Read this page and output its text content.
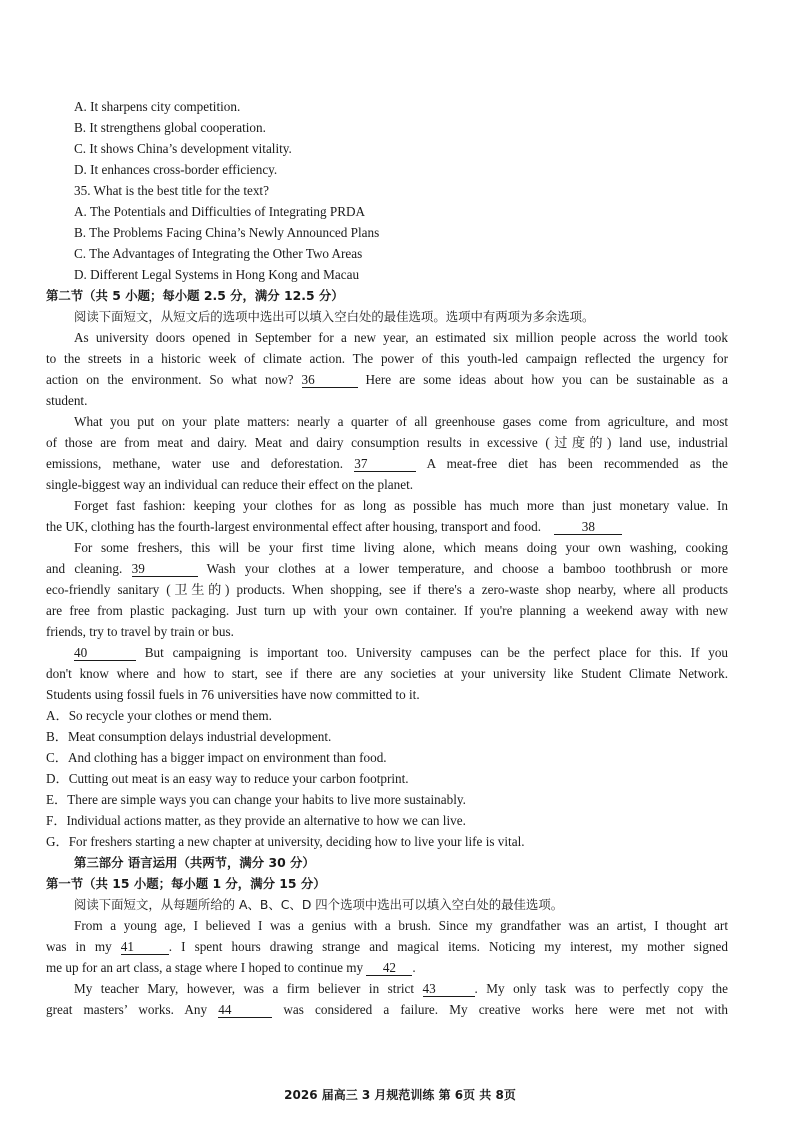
A. It sharpens city competition.
B. It strengthens global cooperation.
C. It shows China’s development vitality.
D. It enhances cross-border efficiency.
35. What is the best title for the text?
A. The Potentials and Difficulties of Integrating PRDA
B. The Problems Facing China’s Newly Announced Plans
C. The Advantages of Integrating the Other Two Areas
D. Different Legal Systems in Hong Kong and Macau
第二节（共 5 小题；每小题 2.5 分，满分 12.5 分）
阅读下面短文，从短文后的选项中选出可以填入空白处的最佳选项。选项中有两项为多余选项。
As university doors opened in September for a new year, an estimated six million people across the world took
to the streets in a historic week of climate action. The power of this youth-led campaign reflected the urgency for
action on the environment. So what now? 36	Here are some ideas about how you can be sustainable as a
student.
What you put on your plate matters: nearly a quarter of all greenhouse gases come from agriculture, and most
of those are from meat and dairy. Meat and dairy consumption results in excessive (过度的) land use, industrial
emissions, methane, water use and deforestation. 37	A meat-free diet has been recommended as the
single-biggest way an individual can reduce their effect on the planet.
Forget fast fashion: keeping your clothes for as long as possible has much more than just monetary value. In
the UK, clothing has the fourth-largest environmental effect after housing, transport and food.	38
For some freshers, this will be your first time living alone, which means doing your own washing, cooking
and cleaning. 39	Wash your clothes at a lower temperature, and choose a bamboo toothbrush or more
eco-friendly sanitary (卫生的) products. When shopping, see if there's a zero-waste shop nearby, where all products
are free from plastic packaging. Just turn up with your own container. If you're planning a weekend away with new
friends, try to travel by train or bus.
40	But campaigning is important too. University campuses can be the perfect place for this. If you
don't know where and how to start, see if there are any societies at your university like Student Climate Network.
Students using fossil fuels in 76 universities have now committed to it.
A．So recycle your clothes or mend them.
B．Meat consumption delays industrial development.
C．And clothing has a bigger impact on environment than food.
D．Cutting out meat is an easy way to reduce your carbon footprint.
E．There are simple ways you can change your habits to live more sustainably.
F．Individual actions matter, as they provide an alternative to how we can live.
G．For freshers starting a new chapter at university, deciding how to live your life is vital.
第三部分 语言运用（共两节，满分 30 分）
第一节（共 15 小题；每小题 1 分，满分 15 分）
阅读下面短文，从每题所给的 A、B、C、D 四个选项中选出可以填入空白处的最佳选项。
From a young age, I believed I was a genius with a brush. Since my grandfather was an artist, I thought art
was in my 41	. I spent hours drawing strange and magical items. Noticing my interest, my mother signed
me up for an art class, a stage where I hoped to continue my 42 .
My teacher Mary, however, was a firm believer in strict 43	. My only task was to perfectly copy the
great masters’ works. Any 44	was considered a failure. My creative works here were met not with
2026 届高三 3 月规范训练 第 6页 共 8页
